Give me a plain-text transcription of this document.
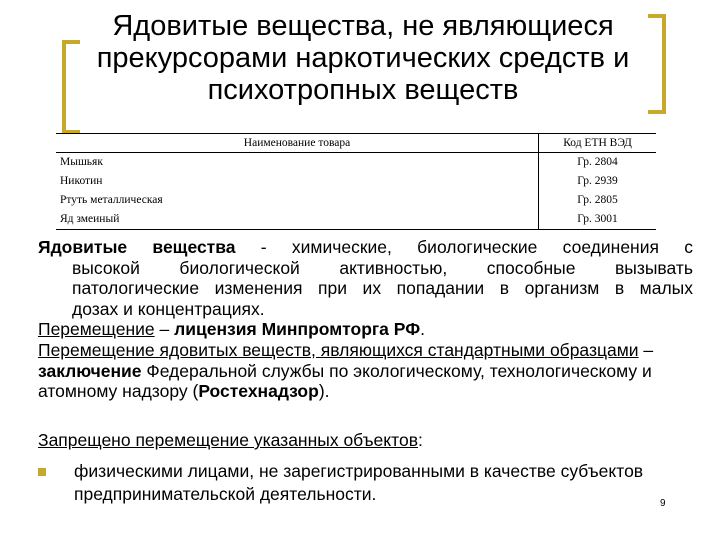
Ядовитые вещества, не являющиеся прекурсорами наркотических средств и психотропных веществ
Наименование товара	Код ЕТН ВЭД
Мышьяк	Гр. 2804
Никотин	Гр. 2939
Ртуть металлическая	Гр. 2805
Яд змеиный	Гр. 3001
Ядовитые вещества - химические, биологические соединения с
высокой биологической активностью, способные вызывать
патологические изменения при их попадании в организм в малых
дозах и концентрациях.
Перемещение – лицензия Минпромторга РФ.
Перемещение ядовитых веществ, являющихся стандартными образцами – заключение Федеральной службы по экологическому, технологическому и атомному надзору (Ростехнадзор).
Запрещено перемещение указанных объектов:
физическими лицами, не зарегистрированными в качестве субъектов предпринимательской деятельности.	9
